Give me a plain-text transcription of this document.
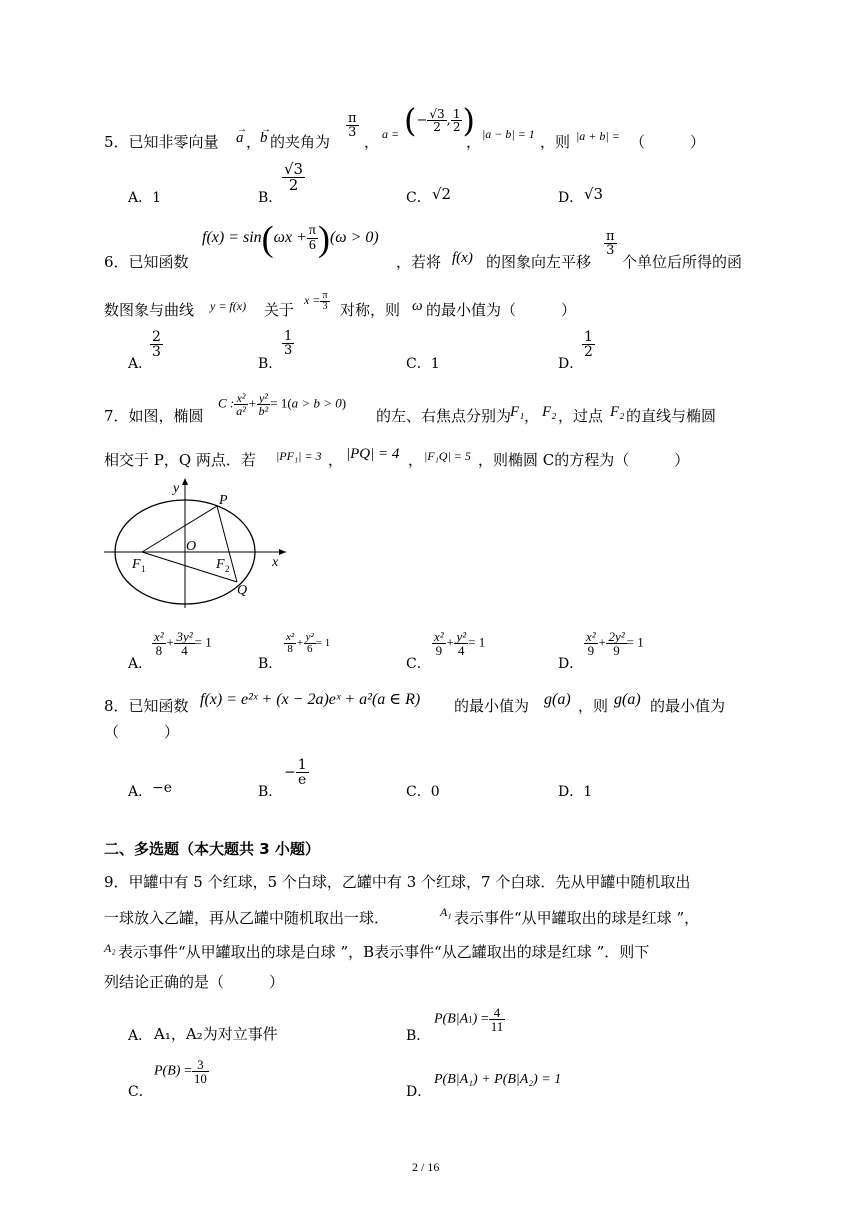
5．已知非零向量
→
a ，
→
b 的夹角为
$\frac{\pi}{3}$
， a = (− $\frac{√3}{2}$ , $\frac{1}{2}$ )
， |a − b| = 1 ，则 |a + b| = （　　　）
A．1	B．
$\frac{√3}{2}$
C． √2	D． √3
6．已知函数
$f(x) = \sin(\omega x + \frac{\pi}{6} )(\omega > 0)$
，若将 f(x) 的图象向左平移
$\frac{\pi}{3}$
个单位后所得的函
数图象与曲线 y = f(x) 关于
$x = \frac{\pi}{3}$ 对称，则 ω 的最小值为（　　　）
A．
$\frac{2}{3}$
B．
$\frac{1}{3}$
C．1	D．
$\frac{1}{2}$
7．如图，椭圆
C : $\frac{\text{x²}}{\text{a²}} + \frac{\text{y²}}{\text{b²}} = 1(a > b > 0)$
的左、右焦点分别为
F₁ ， F₂ ，过点 F₂ 的直线与椭圆
相交于 P，Q 两点．若 |PF₁| = 3 ， |PQ| = 4 ， |F₁Q| = 5 ，则椭圆 C的方程为（　　　）
y
P
O
F 1	F 2	x
Q
A．
$\frac{\text{x²}}{8} + \frac{\text{3y²}}{4} = 1$
B．
$\frac{\text{x²}}{8} + \frac{\text{y²}}{6} = 1$
C．
$\frac{\text{x²}}{9} + \frac{\text{y²}}{4} = 1$
D．
$\frac{\text{x²}}{9} + \frac{\text{2y²}}{9} = 1$
8．已知函数 f(x) = e²ˣ + (x − 2a)eˣ + a²(a ∈ R) 的最小值为 g(a) ，则 g(a) 的最小值为
（　　　）
A． −e	B．
− $\frac{1}{e}$
C．0	D．1
二、多选题（本大题共 3 小题）
9．甲罐中有 5 个红球，5 个白球，乙罐中有 3 个红球，7 个白球．先从甲罐中随机取出
一球放入乙罐，再从乙罐中随机取出一球．	A₁ 表示事件“从甲罐取出的球是红球 ”，
A₂ 表示事件“从甲罐取出的球是白球 ”，B表示事件“从乙罐取出的球是红球 ”．则下
列结论正确的是（　　　）
A． A₁，A₂为对立事件	B．
$P(B|A1) = \frac{4}{11}$
C．
$P(B) = \frac{3}{10}$
D．
P(B|A₁) + P(B|A₂) = 1
2 / 16
